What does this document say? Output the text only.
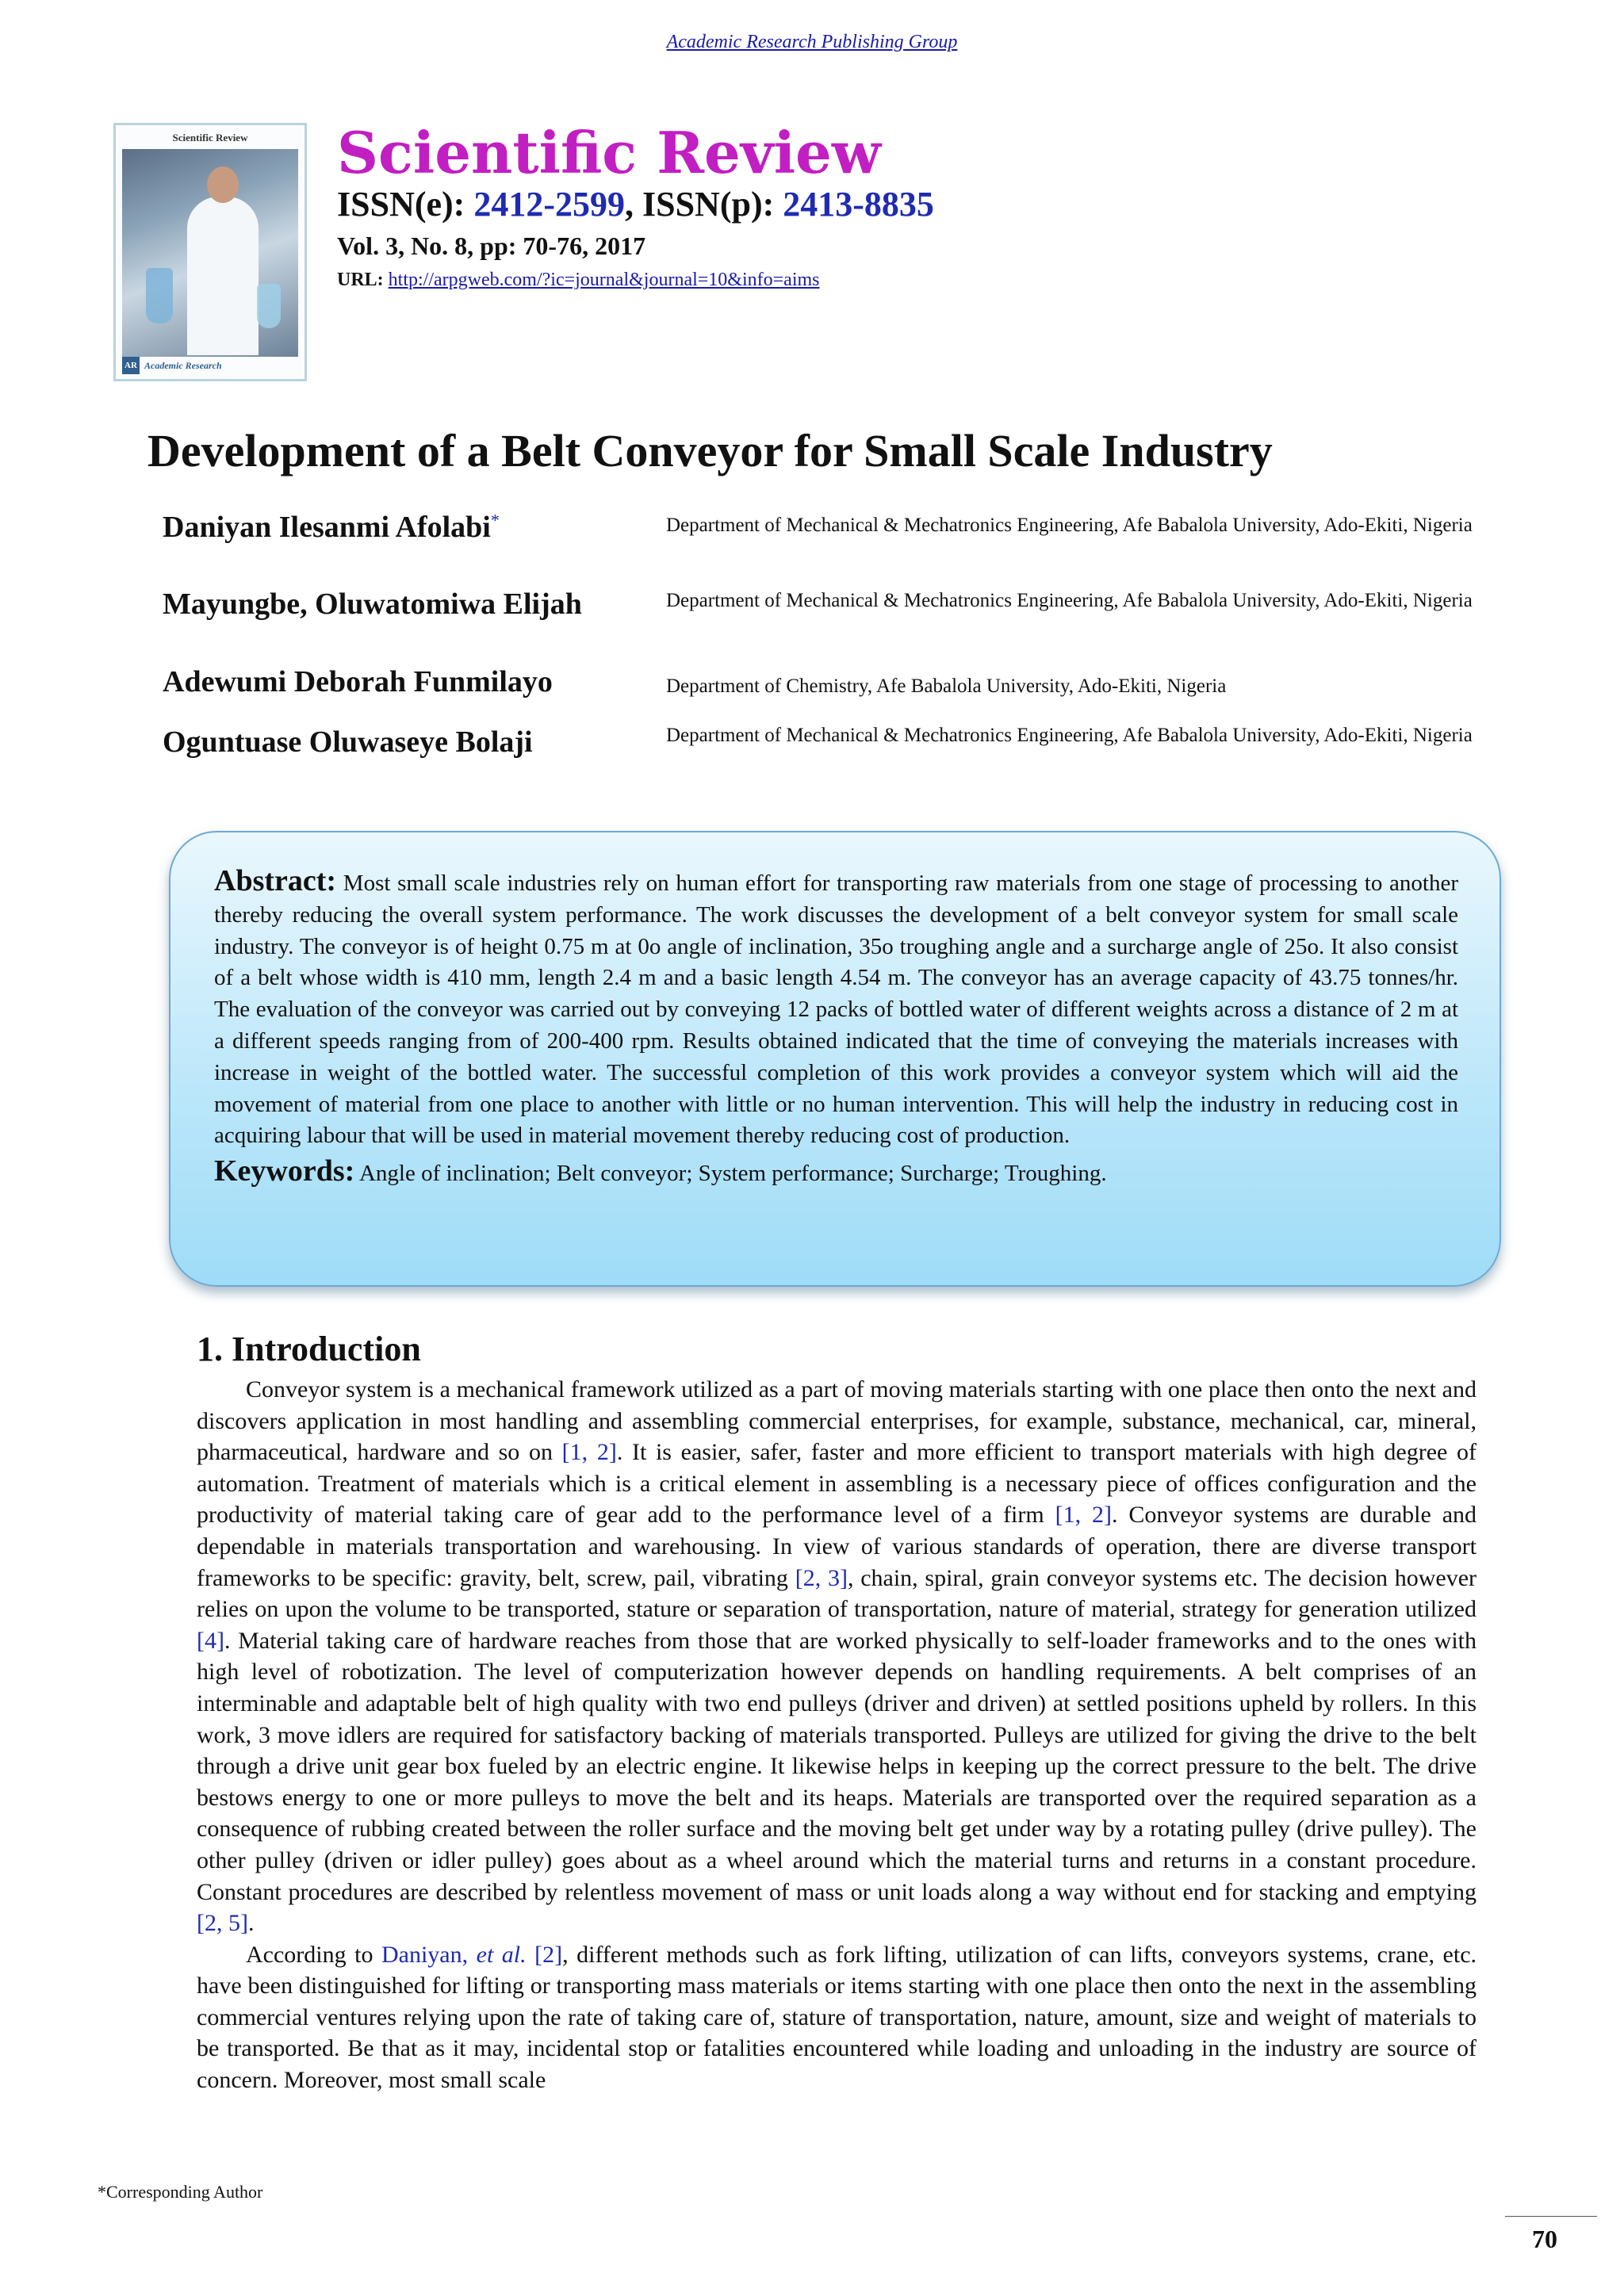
Academic Research Publishing Group
Scientific Review
AR Academic Research
Scientific Review
ISSN(e): 2412-2599, ISSN(p): 2413-8835
Vol. 3, No. 8, pp: 70-76, 2017
URL: http://arpgweb.com/?ic=journal&journal=10&info=aims
Development of a Belt Conveyor for Small Scale Industry
Daniyan Ilesanmi Afolabi*	Department of Mechanical & Mechatronics Engineering, Afe Babalola University, Ado-Ekiti, Nigeria
Mayungbe, Oluwatomiwa Elijah	Department of Mechanical & Mechatronics Engineering, Afe Babalola University, Ado-Ekiti, Nigeria
Adewumi Deborah Funmilayo	Department of Chemistry, Afe Babalola University, Ado-Ekiti, Nigeria
Oguntuase Oluwaseye Bolaji	Department of Mechanical & Mechatronics Engineering, Afe Babalola University, Ado-Ekiti, Nigeria

Abstract: Most small scale industries rely on human effort for transporting raw materials from one stage of processing to another thereby reducing the overall system performance. The work discusses the development of a belt conveyor system for small scale industry. The conveyor is of height 0.75 m at 0o angle of inclination, 35o troughing angle and a surcharge angle of 25o. It also consist of a belt whose width is 410 mm, length 2.4 m and a basic length 4.54 m. The conveyor has an average capacity of 43.75 tonnes/hr. The evaluation of the conveyor was carried out by conveying 12 packs of bottled water of different weights across a distance of 2 m at a different speeds ranging from of 200-400 rpm. Results obtained indicated that the time of conveying the materials increases with increase in weight of the bottled water. The successful completion of this work provides a conveyor system which will aid the movement of material from one place to another with little or no human intervention. This will help the industry in reducing cost in acquiring labour that will be used in material movement thereby reducing cost of production.

Keywords: Angle of inclination; Belt conveyor; System performance; Surcharge; Troughing.
1. Introduction

Conveyor system is a mechanical framework utilized as a part of moving materials starting with one place then onto the next and discovers application in most handling and assembling commercial enterprises, for example, substance, mechanical, car, mineral, pharmaceutical, hardware and so on [1, 2]. It is easier, safer, faster and more efficient to transport materials with high degree of automation. Treatment of materials which is a critical element in assembling is a necessary piece of offices configuration and the productivity of material taking care of gear add to the performance level of a firm [1, 2]. Conveyor systems are durable and dependable in materials transportation and warehousing. In view of various standards of operation, there are diverse transport frameworks to be specific: gravity, belt, screw, pail, vibrating [2, 3], chain, spiral, grain conveyor systems etc. The decision however relies on upon the volume to be transported, stature or separation of transportation, nature of material, strategy for generation utilized [4]. Material taking care of hardware reaches from those that are worked physically to self-loader frameworks and to the ones with high level of robotization. The level of computerization however depends on handling requirements. A belt comprises of an interminable and adaptable belt of high quality with two end pulleys (driver and driven) at settled positions upheld by rollers. In this work, 3 move idlers are required for satisfactory backing of materials transported. Pulleys are utilized for giving the drive to the belt through a drive unit gear box fueled by an electric engine. It likewise helps in keeping up the correct pressure to the belt. The drive bestows energy to one or more pulleys to move the belt and its heaps. Materials are transported over the required separation as a consequence of rubbing created between the roller surface and the moving belt get under way by a rotating pulley (drive pulley). The other pulley (driven or idler pulley) goes about as a wheel around which the material turns and returns in a constant procedure. Constant procedures are described by relentless movement of mass or unit loads along a way without end for stacking and emptying [2, 5].

According to Daniyan, et al. [2], different methods such as fork lifting, utilization of can lifts, conveyors systems, crane, etc. have been distinguished for lifting or transporting mass materials or items starting with one place then onto the next in the assembling commercial ventures relying upon the rate of taking care of, stature of transportation, nature, amount, size and weight of materials to be transported. Be that as it may, incidental stop or fatalities encountered while loading and unloading in the industry are source of concern. Moreover, most small scale

*Corresponding Author
70
